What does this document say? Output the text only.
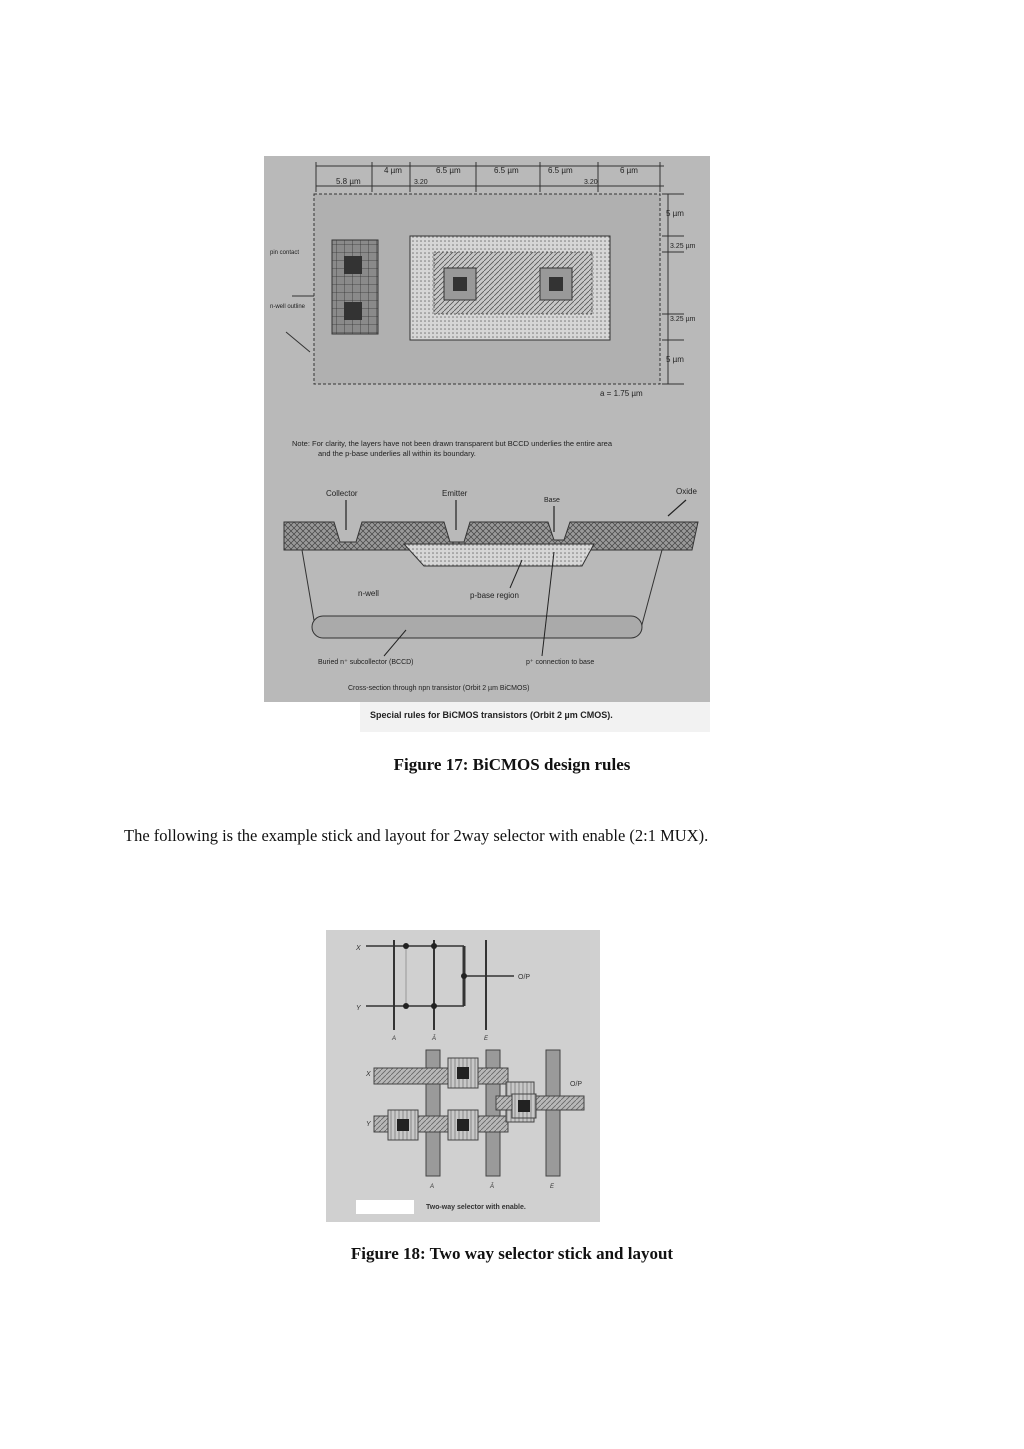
4 µm	6.5 µm	6.5 µm	6.5 µm	6 µm
5.8 µm	3.20	3.20
5 µm
3.25 µm
3.25 µm
5 µm
a = 1.75 µm
pin contact
n-well outline
Note: For clarity, the layers have not been drawn transparent but BCCD underlies the entire area
and the p-base underlies all within its boundary.
Collector	Emitter
Base
Oxide
n-well	p-base region
Buried n⁺ subcollector (BCCD)	p⁺ connection to base
Cross-section through npn transistor (Orbit 2 µm BiCMOS)
Special rules for BiCMOS transistors (Orbit 2 µm CMOS).
Figure 17: BiCMOS design rules
The following is the example stick and layout for 2way selector with enable (2:1 MUX).
X
Y
O/P
A	Ā	E
X
Y
O/P
A	Ā	E
Two-way selector with enable.
Figure 18: Two way selector stick and layout
